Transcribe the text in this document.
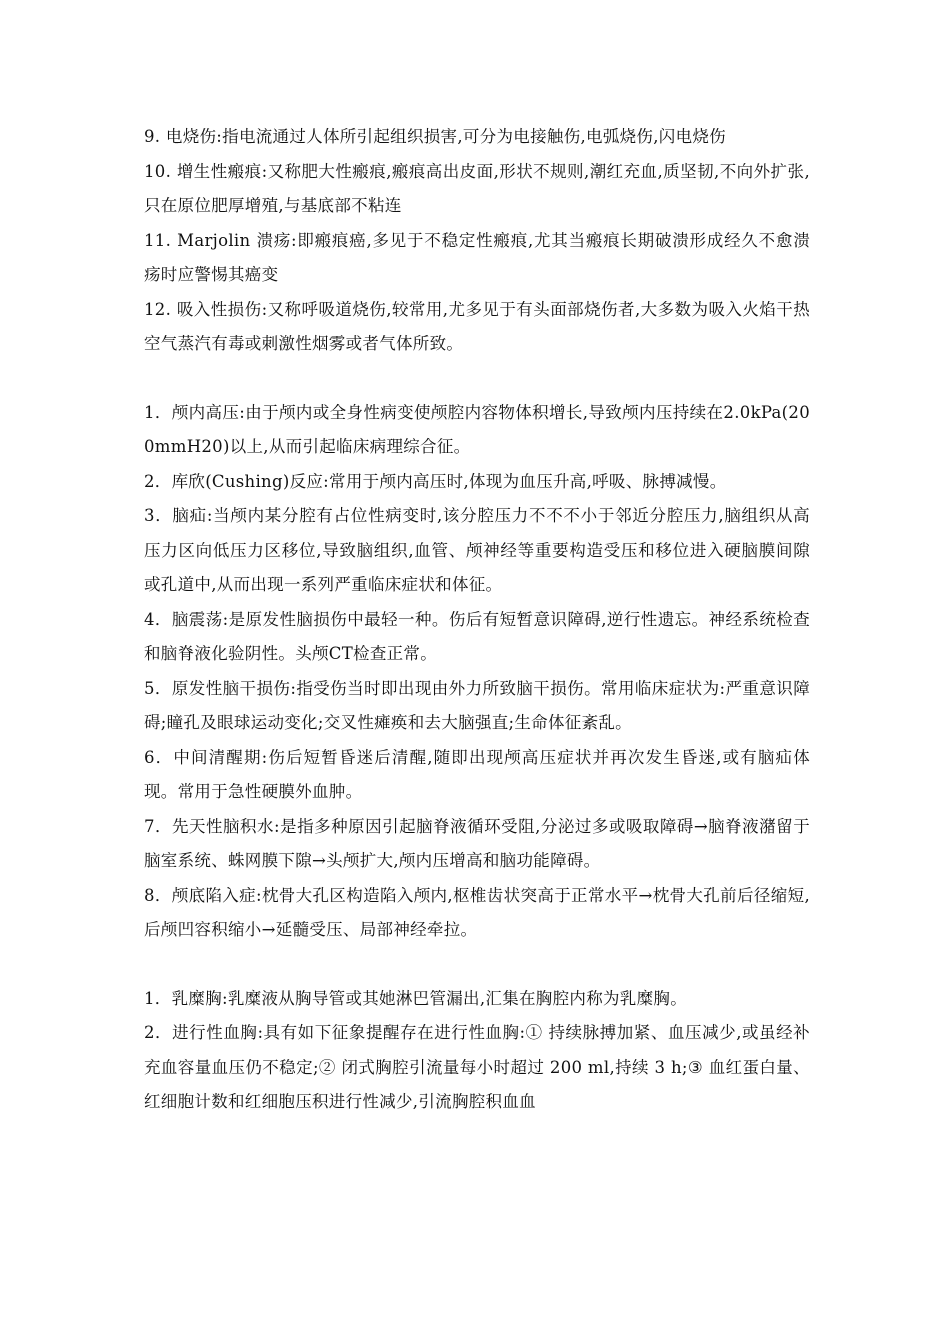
9. 电烧伤:指电流通过人体所引起组织损害,可分为电接触伤,电弧烧伤,闪电烧伤

10. 增生性瘢痕:又称肥大性瘢痕,瘢痕高出皮面,形状不规则,潮红充血,质坚韧,不向外扩张,只在原位肥厚增殖,与基底部不粘连

11. Marjolin 溃疡:即瘢痕癌,多见于不稳定性瘢痕,尤其当瘢痕长期破溃形成经久不愈溃疡时应警惕其癌变

12. 吸入性损伤:又称呼吸道烧伤,较常用,尤多见于有头面部烧伤者,大多数为吸入火焰干热空气蒸汽有毒或刺激性烟雾或者气体所致。

1．颅内高压:由于颅内或全身性病变使颅腔内容物体积增长,导致颅内压持续在2.0kPa(200mmH20)以上,从而引起临床病理综合征。

2．库欣(Cushing)反应:常用于颅内高压时,体现为血压升高,呼吸、脉搏减慢。

3．脑疝:当颅内某分腔有占位性病变时,该分腔压力不不不小于邻近分腔压力,脑组织从高压力区向低压力区移位,导致脑组织,血管、颅神经等重要构造受压和移位进入硬脑膜间隙或孔道中,从而出现一系列严重临床症状和体征。

4．脑震荡:是原发性脑损伤中最轻一种。伤后有短暂意识障碍,逆行性遗忘。神经系统检查和脑脊液化验阴性。头颅CT检查正常。

5．原发性脑干损伤:指受伤当时即出现由外力所致脑干损伤。常用临床症状为:严重意识障碍;瞳孔及眼球运动变化;交叉性瘫痪和去大脑强直;生命体征紊乱。

6．中间清醒期:伤后短暂昏迷后清醒,随即出现颅高压症状并再次发生昏迷,或有脑疝体现。常用于急性硬膜外血肿。

7．先天性脑积水:是指多种原因引起脑脊液循环受阻,分泌过多或吸取障碍→脑脊液潴留于脑室系统、蛛网膜下隙→头颅扩大,颅内压增高和脑功能障碍。

8．颅底陷入症:枕骨大孔区构造陷入颅内,枢椎齿状突高于正常水平→枕骨大孔前后径缩短,后颅凹容积缩小→延髓受压、局部神经牵拉。

1．乳糜胸:乳糜液从胸导管或其她淋巴管漏出,汇集在胸腔内称为乳糜胸。

2．进行性血胸:具有如下征象提醒存在进行性血胸:① 持续脉搏加紧、血压减少,或虽经补充血容量血压仍不稳定;② 闭式胸腔引流量每小时超过 200 ml,持续 3 h;③ 血红蛋白量、红细胞计数和红细胞压积进行性减少,引流胸腔积血血
